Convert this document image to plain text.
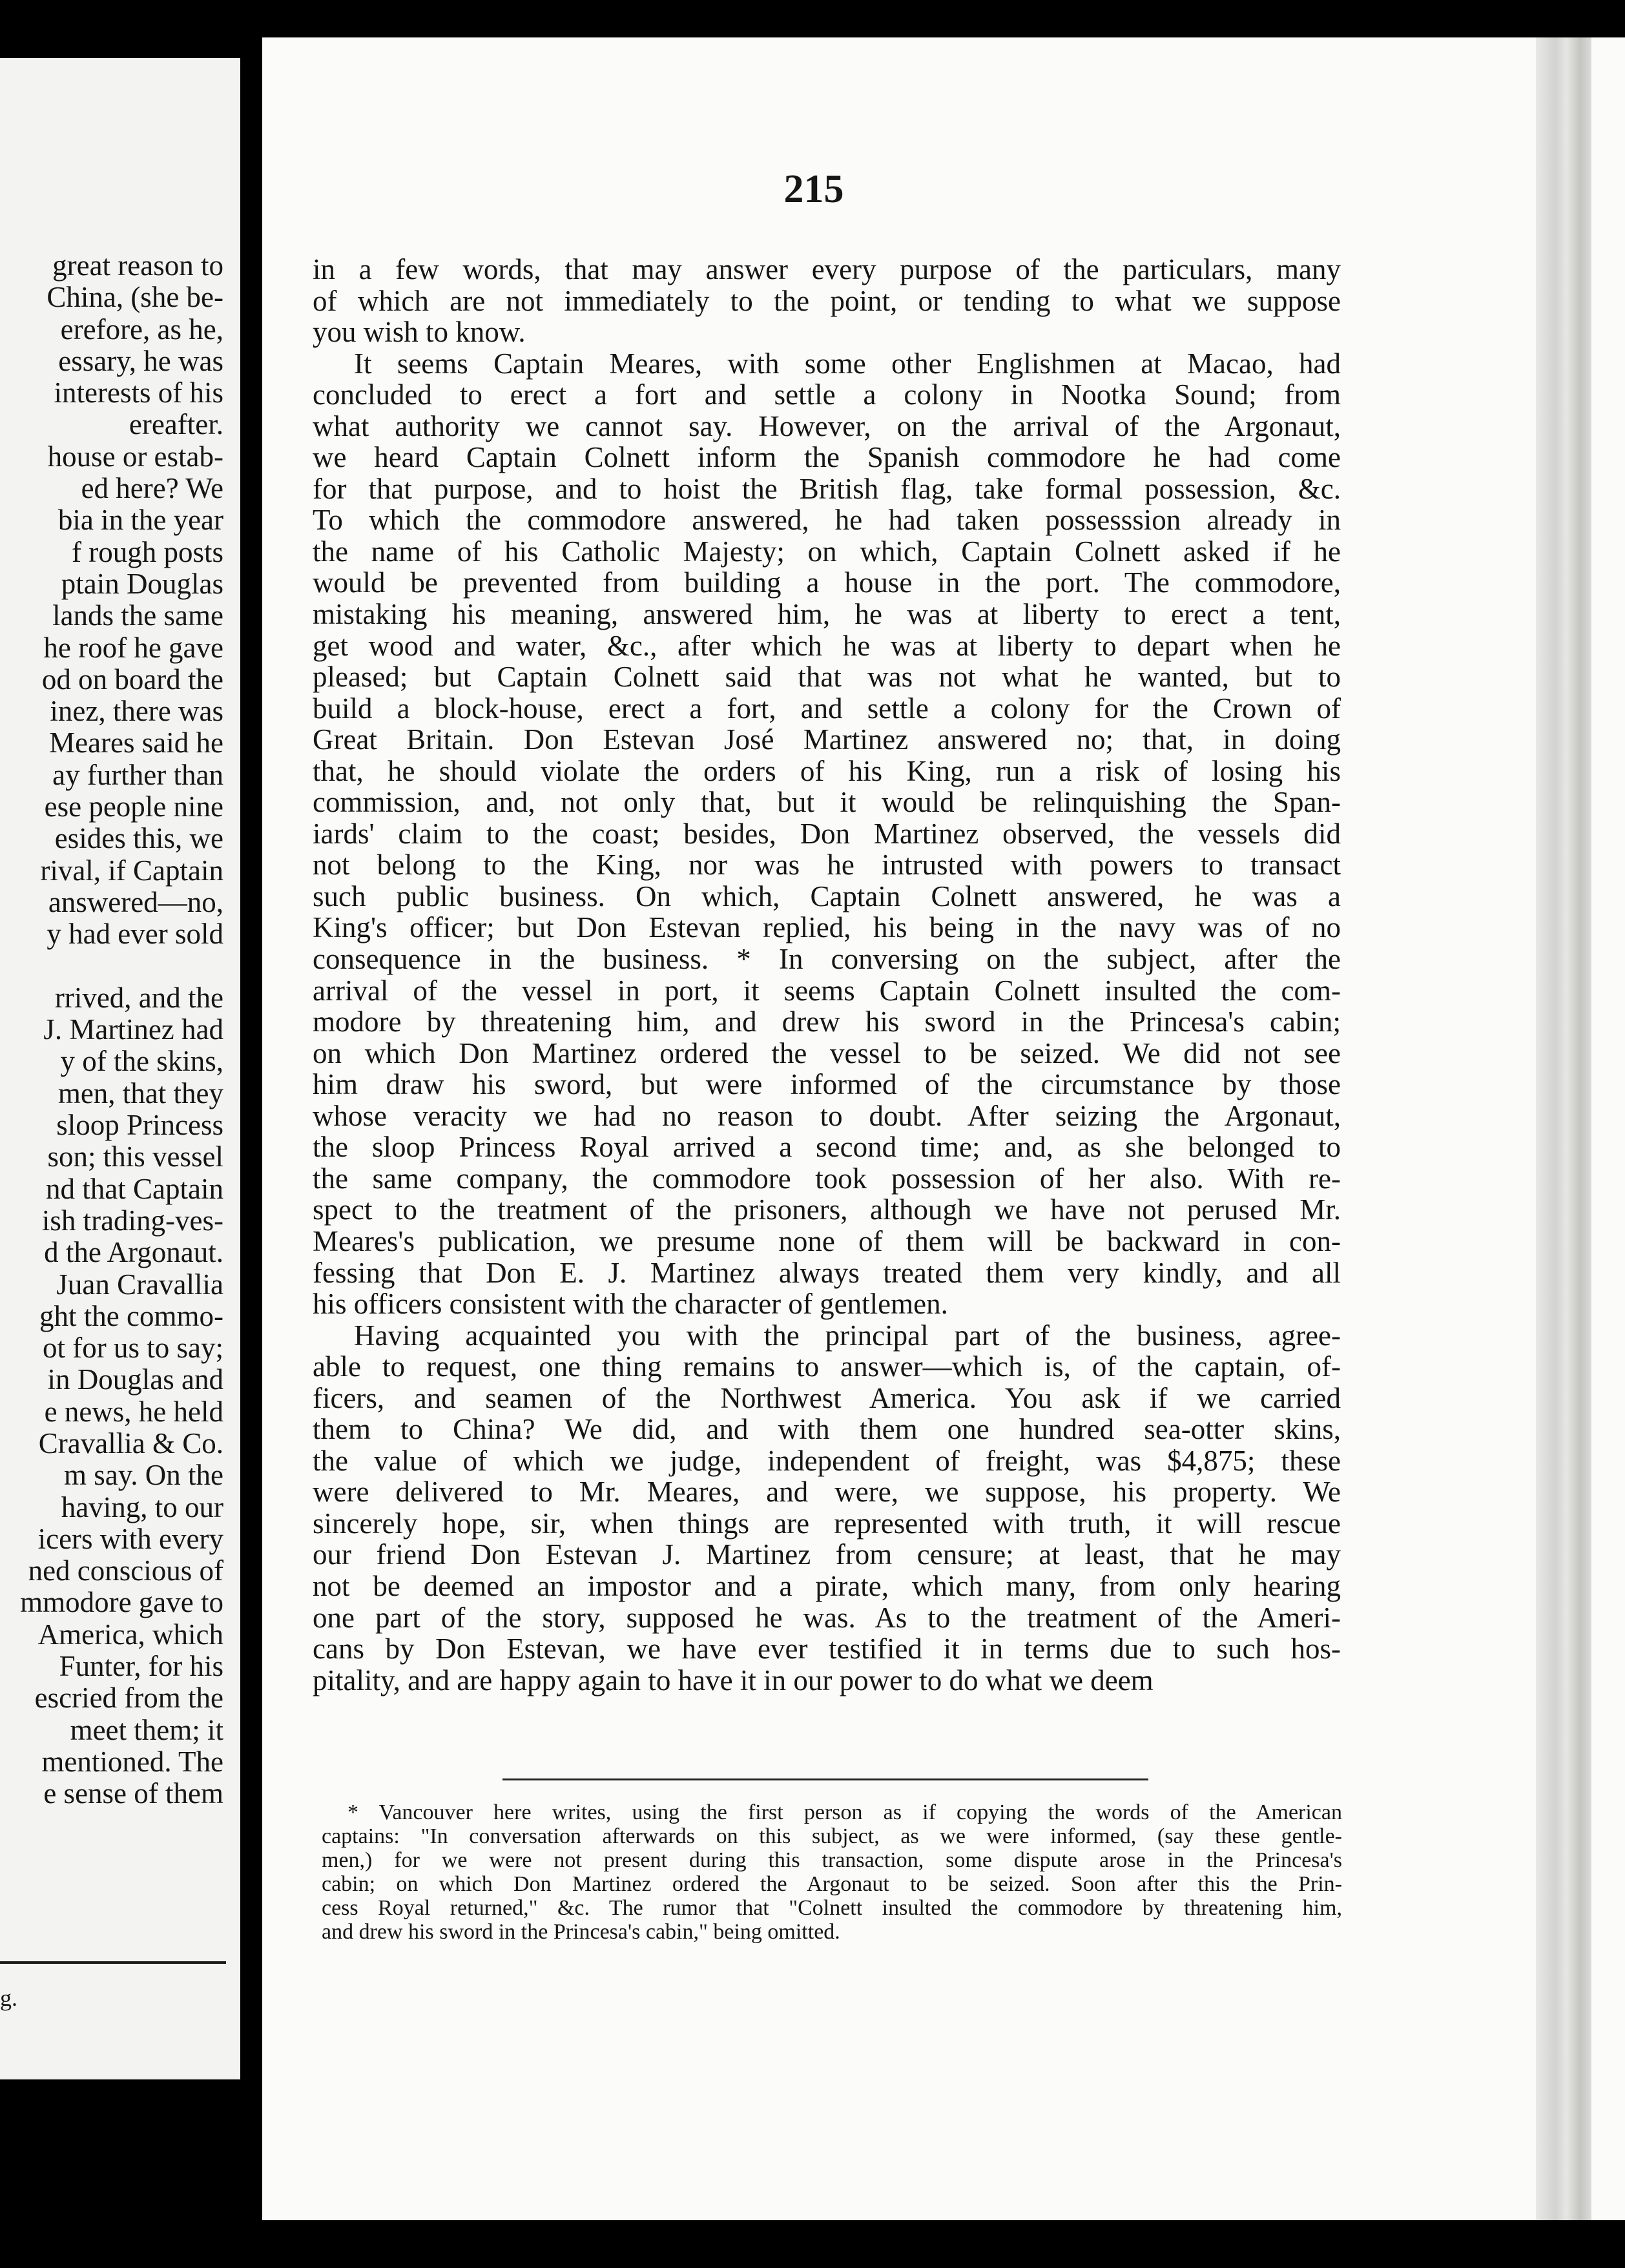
great reason to
China, (she be-
erefore, as he,
essary, he was
interests of his
ereafter.
house or estab-
ed here? We
bia in the year
f rough posts
ptain Douglas
lands the same
he roof he gave
od on board the
inez, there was
Meares said he
ay further than
ese people nine
esides this, we
rival, if Captain
answered—no,
y had ever sold
rrived, and the
J. Martinez had
y of the skins,
men, that they
sloop Princess
son; this vessel
nd that Captain
ish trading-ves-
d the Argonaut.
Juan Cravallia
ght the commo-
ot for us to say;
in Douglas and
e news, he held
Cravallia & Co.
m say. On the
having, to our
icers with every
ned conscious of
mmodore gave to
America, which
Funter, for his
escried from the
meet them; it
mentioned. The
e sense of them
g.
215
in a few words, that may answer every purpose of the particulars, many
of which are not immediately to the point, or tending to what we suppose
you wish to know.
It seems Captain Meares, with some other Englishmen at Macao, had
concluded to erect a fort and settle a colony in Nootka Sound; from
what authority we cannot say. However, on the arrival of the Argonaut,
we heard Captain Colnett inform the Spanish commodore he had come
for that purpose, and to hoist the British flag, take formal possession, &c.
To which the commodore answered, he had taken possesssion already in
the name of his Catholic Majesty; on which, Captain Colnett asked if he
would be prevented from building a house in the port. The commodore,
mistaking his meaning, answered him, he was at liberty to erect a tent,
get wood and water, &c., after which he was at liberty to depart when he
pleased; but Captain Colnett said that was not what he wanted, but to
build a block-house, erect a fort, and settle a colony for the Crown of
Great Britain. Don Estevan José Martinez answered no; that, in doing
that, he should violate the orders of his King, run a risk of losing his
commission, and, not only that, but it would be relinquishing the Span-
iards' claim to the coast; besides, Don Martinez observed, the vessels did
not belong to the King, nor was he intrusted with powers to transact
such public business. On which, Captain Colnett answered, he was a
King's officer; but Don Estevan replied, his being in the navy was of no
consequence in the business. * In conversing on the subject, after the
arrival of the vessel in port, it seems Captain Colnett insulted the com-
modore by threatening him, and drew his sword in the Princesa's cabin;
on which Don Martinez ordered the vessel to be seized. We did not see
him draw his sword, but were informed of the circumstance by those
whose veracity we had no reason to doubt. After seizing the Argonaut,
the sloop Princess Royal arrived a second time; and, as she belonged to
the same company, the commodore took possession of her also. With re-
spect to the treatment of the prisoners, although we have not perused Mr.
Meares's publication, we presume none of them will be backward in con-
fessing that Don E. J. Martinez always treated them very kindly, and all
his officers consistent with the character of gentlemen.
Having acquainted you with the principal part of the business, agree-
able to request, one thing remains to answer—which is, of the captain, of-
ficers, and seamen of the Northwest America. You ask if we carried
them to China? We did, and with them one hundred sea-otter skins,
the value of which we judge, independent of freight, was $4,875; these
were delivered to Mr. Meares, and were, we suppose, his property. We
sincerely hope, sir, when things are represented with truth, it will rescue
our friend Don Estevan J. Martinez from censure; at least, that he may
not be deemed an impostor and a pirate, which many, from only hearing
one part of the story, supposed he was. As to the treatment of the Ameri-
cans by Don Estevan, we have ever testified it in terms due to such hos-
pitality, and are happy again to have it in our power to do what we deem
* Vancouver here writes, using the first person as if copying the words of the American
captains: "In conversation afterwards on this subject, as we were informed, (say these gentle-
men,) for we were not present during this transaction, some dispute arose in the Princesa's
cabin; on which Don Martinez ordered the Argonaut to be seized. Soon after this the Prin-
cess Royal returned," &c. The rumor that "Colnett insulted the commodore by threatening him,
and drew his sword in the Princesa's cabin," being omitted.
